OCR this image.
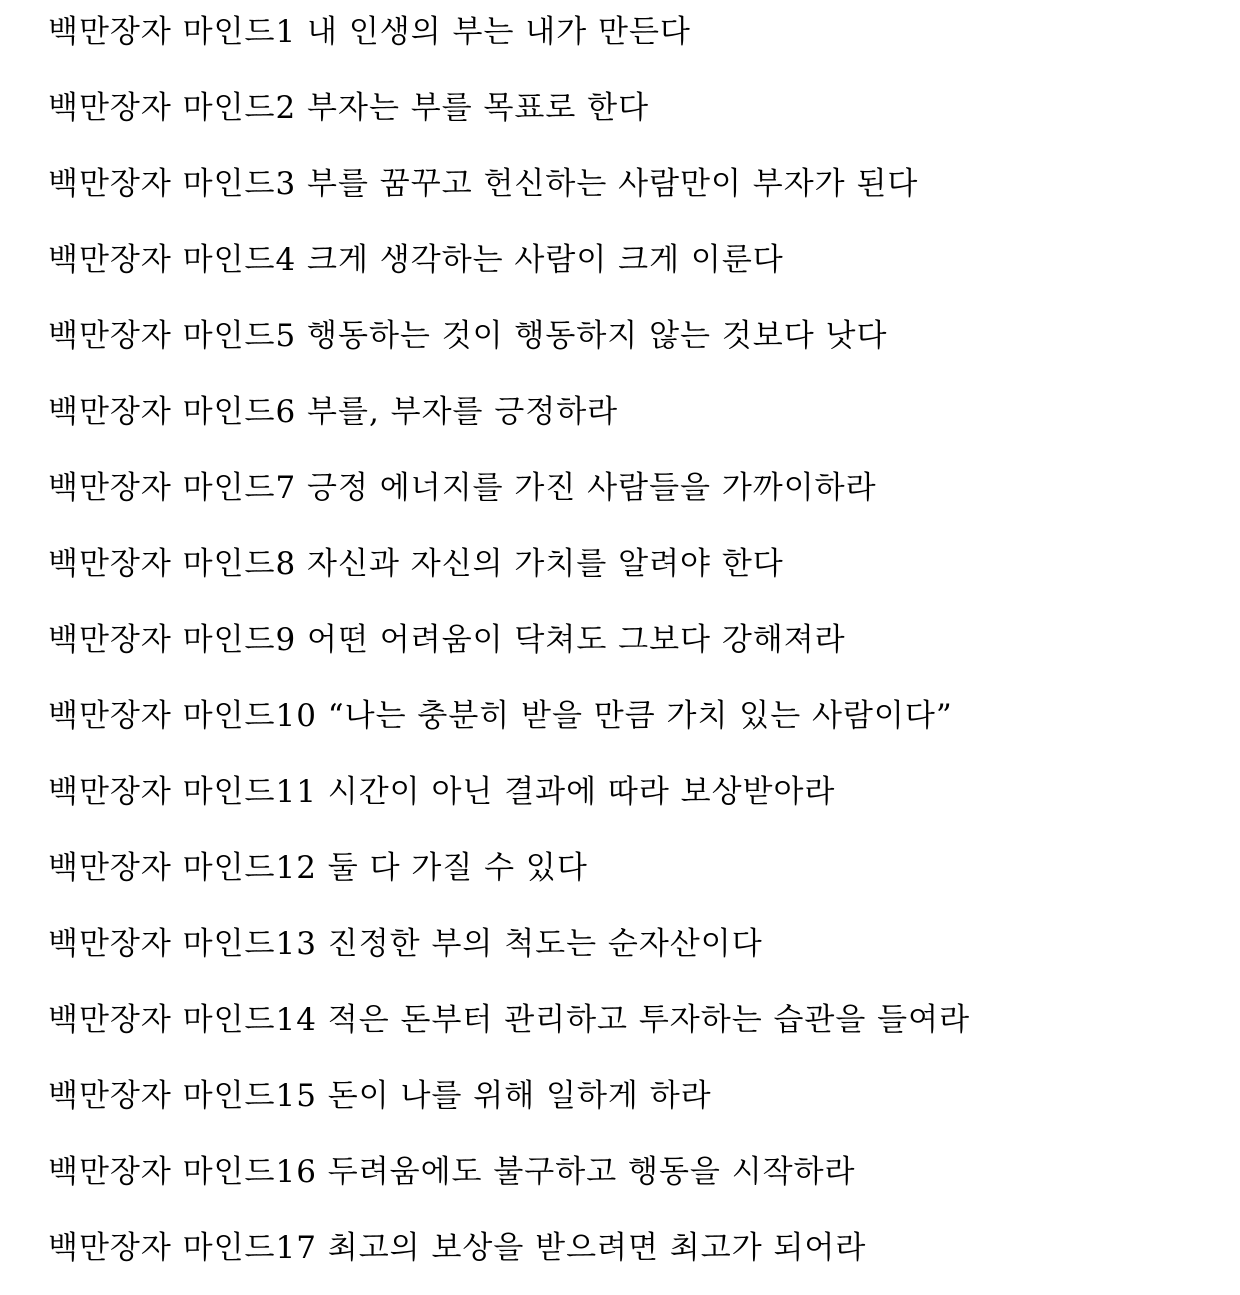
백만장자 마인드1 내 인생의 부는 내가 만든다
백만장자 마인드2 부자는 부를 목표로 한다
백만장자 마인드3 부를 꿈꾸고 헌신하는 사람만이 부자가 된다
백만장자 마인드4 크게 생각하는 사람이 크게 이룬다
백만장자 마인드5 행동하는 것이 행동하지 않는 것보다 낫다
백만장자 마인드6 부를, 부자를 긍정하라
백만장자 마인드7 긍정 에너지를 가진 사람들을 가까이하라
백만장자 마인드8 자신과 자신의 가치를 알려야 한다
백만장자 마인드9 어떤 어려움이 닥쳐도 그보다 강해져라
백만장자 마인드10 “나는 충분히 받을 만큼 가치 있는 사람이다”
백만장자 마인드11 시간이 아닌 결과에 따라 보상받아라
백만장자 마인드12 둘 다 가질 수 있다
백만장자 마인드13 진정한 부의 척도는 순자산이다
백만장자 마인드14 적은 돈부터 관리하고 투자하는 습관을 들여라
백만장자 마인드15 돈이 나를 위해 일하게 하라
백만장자 마인드16 두려움에도 불구하고 행동을 시작하라
백만장자 마인드17 최고의 보상을 받으려면 최고가 되어라
